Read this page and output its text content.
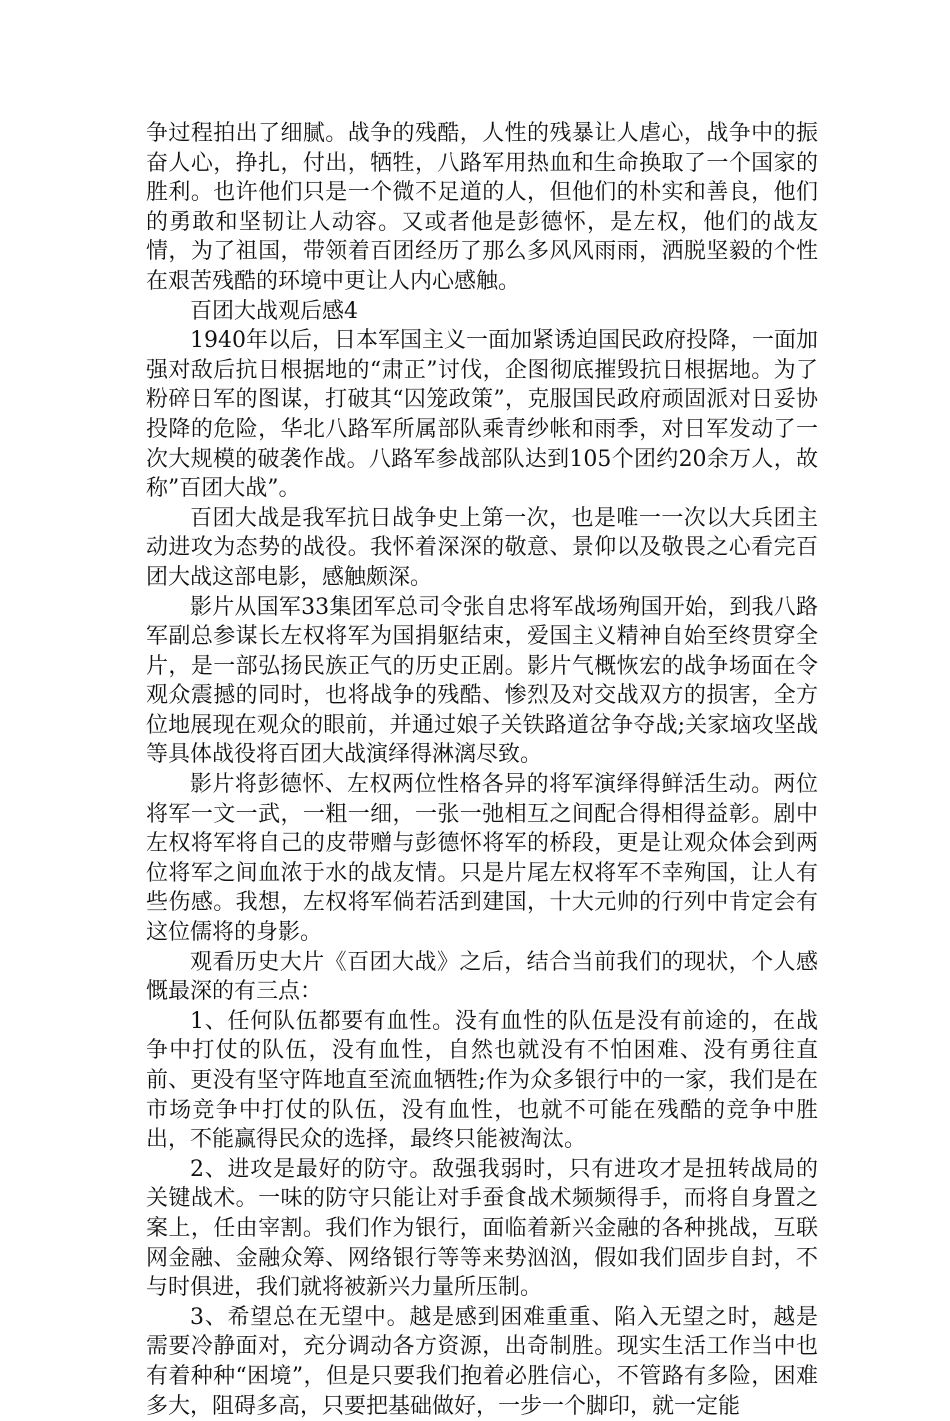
争过程拍出了细腻。战争的残酷，人性的残暴让人虐心，战争中的振奋人心，挣扎，付出，牺牲，八路军用热血和生命换取了一个国家的胜利。也许他们只是一个微不足道的人，但他们的朴实和善良，他们的勇敢和坚韧让人动容。又或者他是彭德怀，是左权，他们的战友情，为了祖国，带领着百团经历了那么多风风雨雨，洒脱坚毅的个性在艰苦残酷的环境中更让人内心感触。

百团大战观后感4

1940年以后，日本军国主义一面加紧诱迫国民政府投降，一面加强对敌后抗日根据地的“肃正”讨伐，企图彻底摧毁抗日根据地。为了粉碎日军的图谋，打破其“囚笼政策”，克服国民政府顽固派对日妥协投降的危险，华北八路军所属部队乘青纱帐和雨季，对日军发动了一次大规模的破袭作战。八路军参战部队达到105个团约20余万人，故称”百团大战”。

百团大战是我军抗日战争史上第一次，也是唯一一次以大兵团主动进攻为态势的战役。我怀着深深的敬意、景仰以及敬畏之心看完百团大战这部电影，感触颇深。

影片从国军33集团军总司令张自忠将军战场殉国开始，到我八路军副总参谋长左权将军为国捐躯结束，爱国主义精神自始至终贯穿全片，是一部弘扬民族正气的历史正剧。影片气概恢宏的战争场面在令观众震撼的同时，也将战争的残酷、惨烈及对交战双方的损害，全方位地展现在观众的眼前，并通过娘子关铁路道岔争夺战;关家垴攻坚战等具体战役将百团大战演绎得淋漓尽致。

影片将彭德怀、左权两位性格各异的将军演绎得鲜活生动。两位将军一文一武，一粗一细，一张一弛相互之间配合得相得益彰。剧中左权将军将自己的皮带赠与彭德怀将军的桥段，更是让观众体会到两位将军之间血浓于水的战友情。只是片尾左权将军不幸殉国，让人有些伤感。我想，左权将军倘若活到建国，十大元帅的行列中肯定会有这位儒将的身影。

观看历史大片《百团大战》之后，结合当前我们的现状，个人感慨最深的有三点：

1、任何队伍都要有血性。没有血性的队伍是没有前途的，在战争中打仗的队伍，没有血性，自然也就没有不怕困难、没有勇往直前、更没有坚守阵地直至流血牺牲;作为众多银行中的一家，我们是在市场竞争中打仗的队伍，没有血性，也就不可能在残酷的竞争中胜出，不能赢得民众的选择，最终只能被淘汰。

2、进攻是最好的防守。敌强我弱时，只有进攻才是扭转战局的关键战术。一味的防守只能让对手蚕食战术频频得手，而将自身置之案上，任由宰割。我们作为银行，面临着新兴金融的各种挑战，互联网金融、金融众筹、网络银行等等来势汹汹，假如我们固步自封，不与时俱进，我们就将被新兴力量所压制。

3、希望总在无望中。越是感到困难重重、陷入无望之时，越是需要冷静面对，充分调动各方资源，出奇制胜。现实生活工作当中也有着种种“困境”，但是只要我们抱着必胜信心，不管路有多险，困难多大，阻碍多高，只要把基础做好，一步一个脚印，就一定能
